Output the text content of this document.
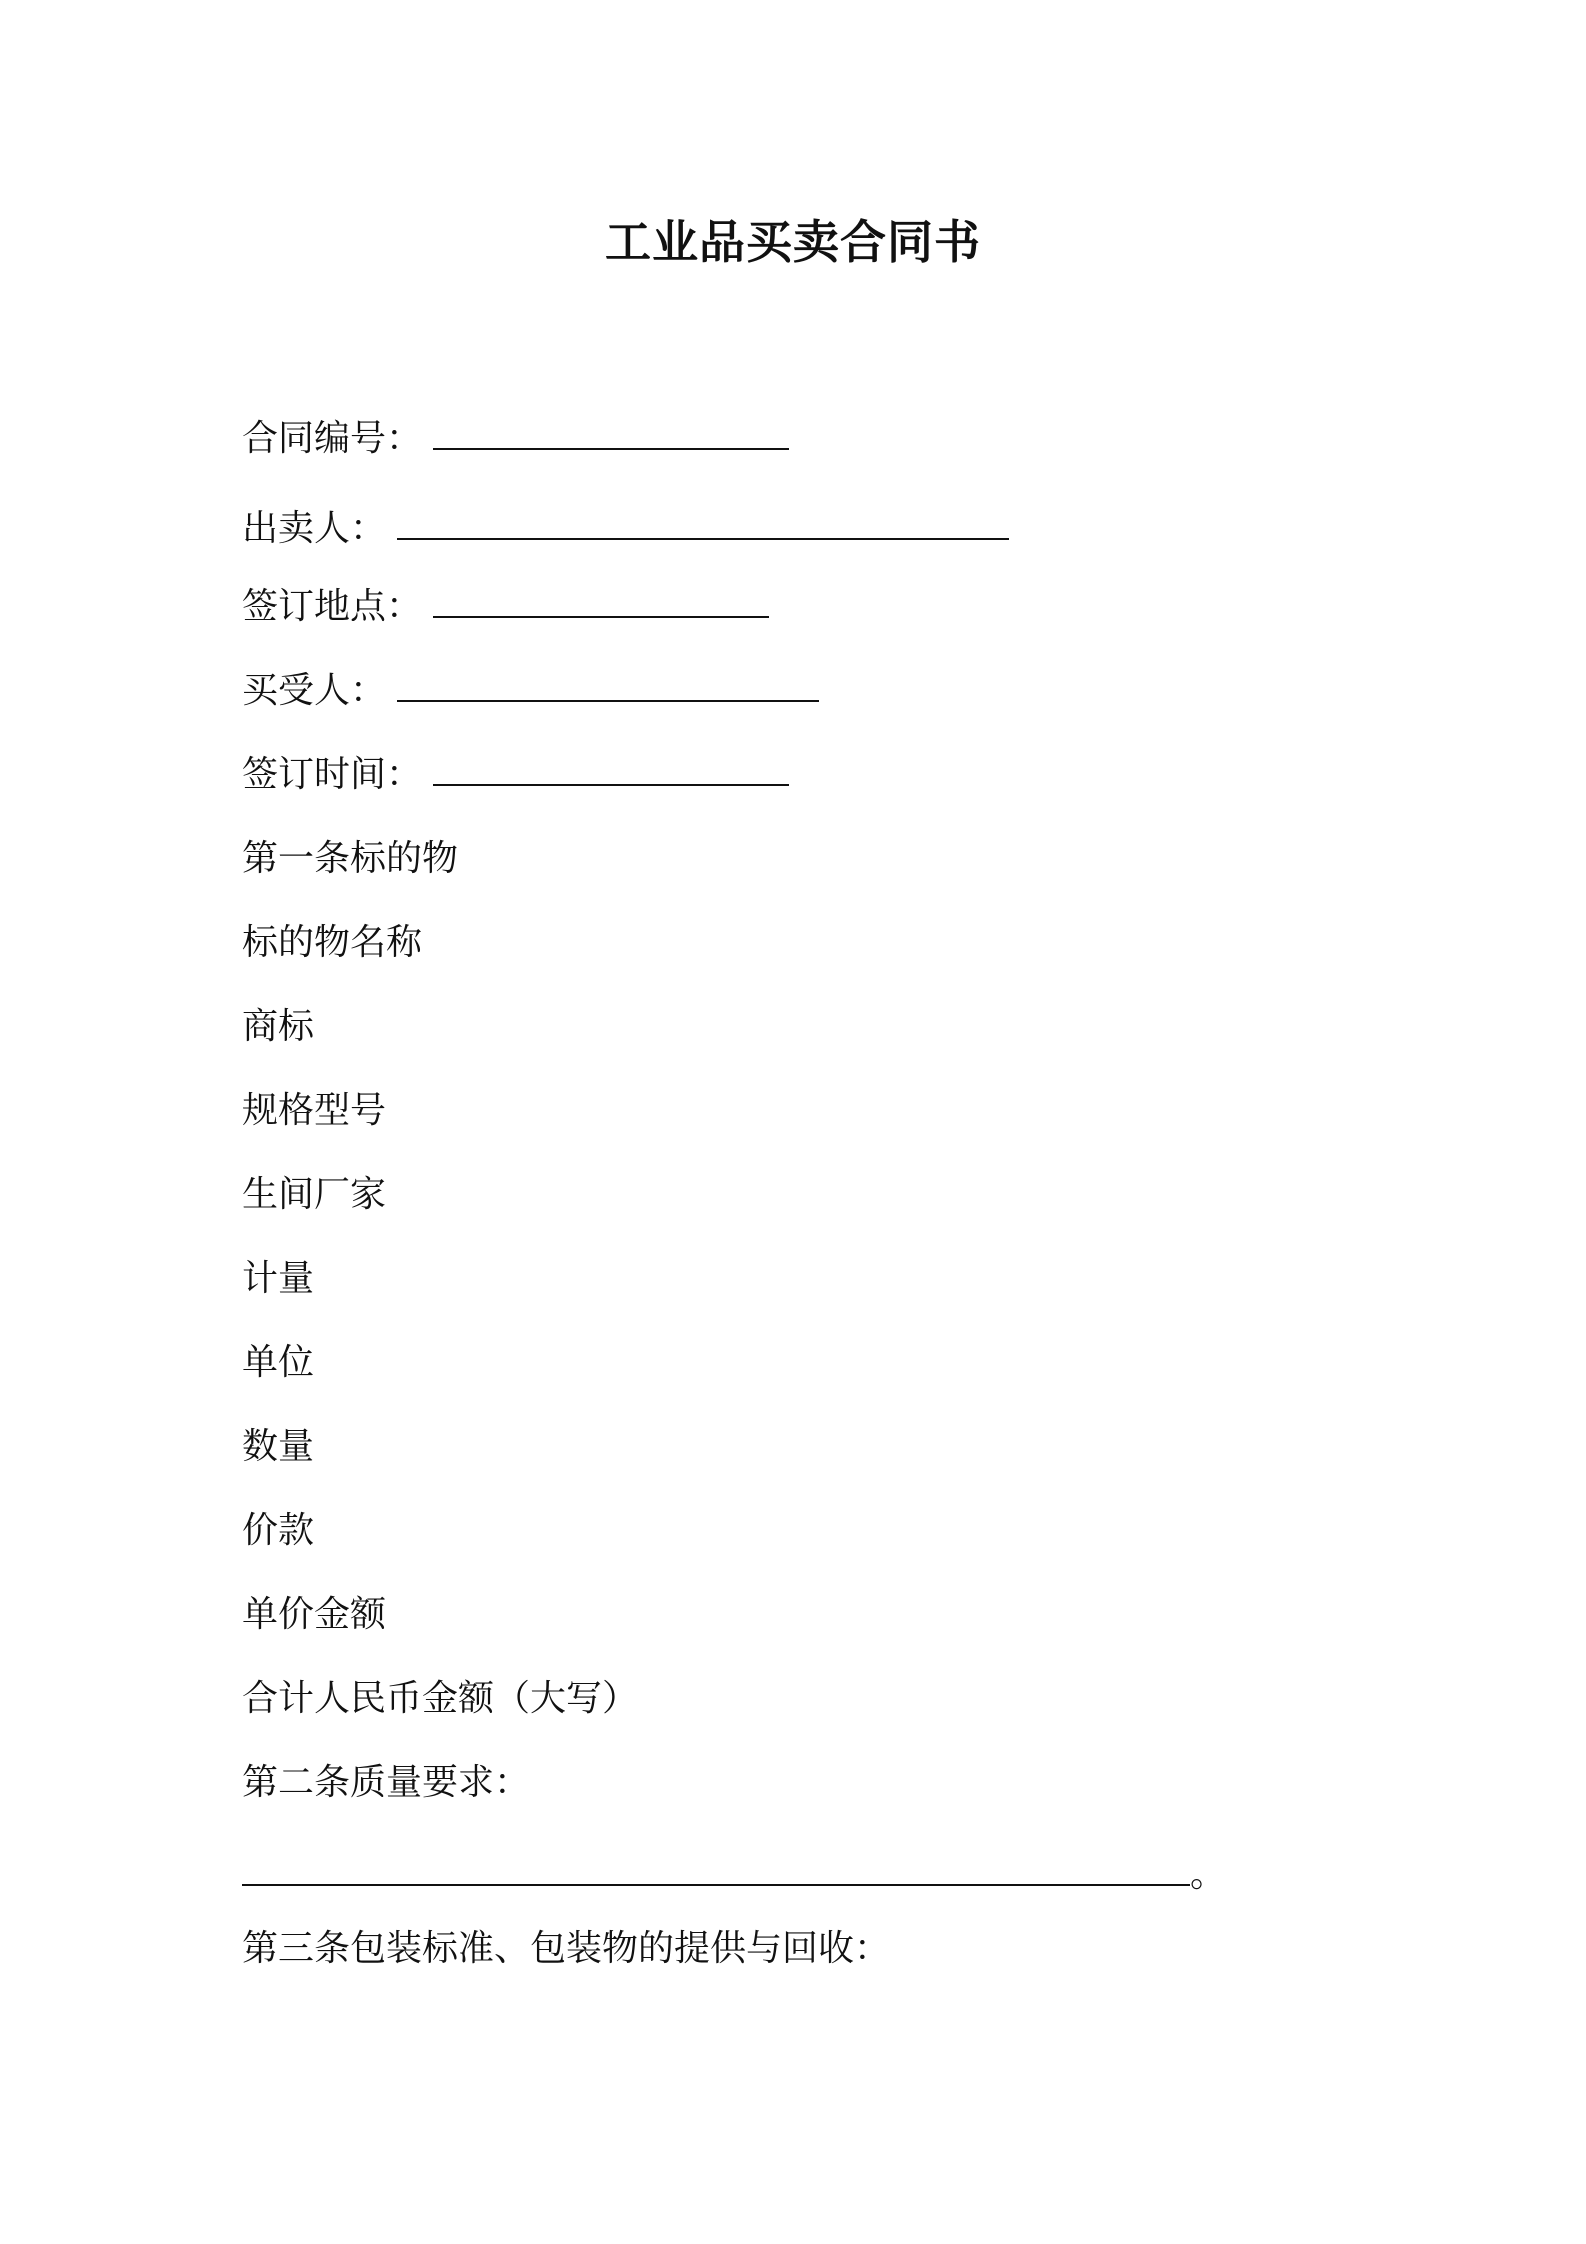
工业品买卖合同书
合同编号：
出卖人：
签订地点：
买受人：
签订时间：
第一条标的物
标的物名称
商标
规格型号
生间厂家
计量
单位
数量
价款
单价金额
合计人民币金额（大写）
第二条质量要求：
。
第三条包装标准、包装物的提供与回收：
